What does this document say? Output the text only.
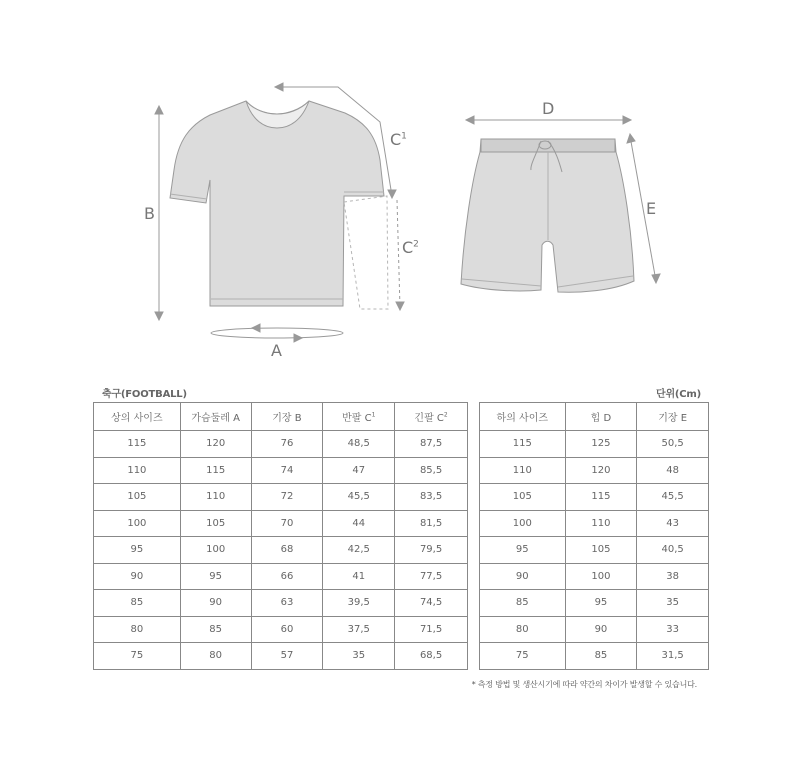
B
A
$C^1$
$C^2$
D
E
축구(FOOTBALL)	단위(Cm)
상의 사이즈	가슴둘레 A	기장 B	반팔 $C^1$	긴팔 $C^2$
115	120	76	48,5	87,5
110	115	74	47	85,5
105	110	72	45,5	83,5
100	105	70	44	81,5
95	100	68	42,5	79,5
90	95	66	41	77,5
85	90	63	39,5	74,5
80	85	60	37,5	71,5
75	80	57	35	68,5
하의 사이즈	힙 D	기장 E
115	125	50,5
110	120	48
105	115	45,5
100	110	43
95	105	40,5
90	100	38
85	95	35
80	90	33
75	85	31,5
* 측정 방법 및 생산시기에 따라 약간의 차이가 발생할 수 있습니다.
